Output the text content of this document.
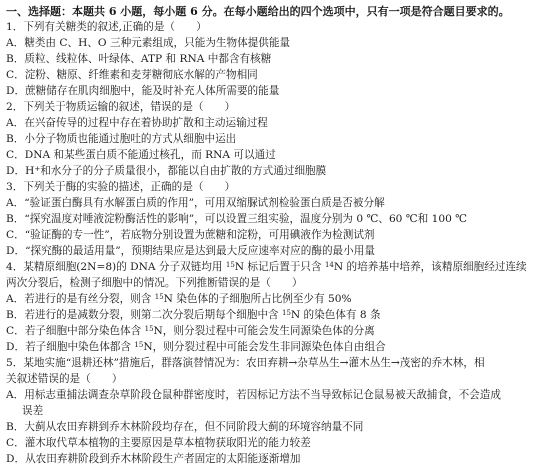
一、选择题：本题共 6 小题，每小题 6 分。在每小题给出的四个选项中，只有一项是符合题目要求的。
1．下列有关糖类的叙述,正确的是（　　）
A．糖类由 C、H、O 三种元素组成，只能为生物体提供能量
B．质粒、线粒体、叶绿体、ATP 和 RNA 中都含有核糖
C．淀粉、糖原、纤维素和麦芽糖彻底水解的产物相同
D．蔗糖储存在肌肉细胞中，能及时补充人体所需要的能量
2．下列关于物质运输的叙述，错误的是（　　）
A．在兴奋传导的过程中存在着协助扩散和主动运输过程
B．小分子物质也能通过胞吐的方式从细胞中运出
C．DNA 和某些蛋白质不能通过核孔，而 RNA 可以通过
D．H+和水分子的分子质量很小，都能以自由扩散的方式通过细胞膜
3．下列关于酶的实验的描述，正确的是（　　）
A．“验证蛋白酶具有水解蛋白质的作用”，可用双缩脲试剂检验蛋白质是否被分解
B．“探究温度对唾液淀粉酶活性的影响”，可以设置三组实验，温度分别为 0 ℃、60 ℃和 100 ℃
C．“验证酶的专一性”，若底物分别设置为蔗糖和淀粉，可用碘液作为检测试剂
D．“探究酶的最适用量”，预期结果应是达到最大反应速率对应的酶的最小用量
4．某精原细胞(2N=8)的 DNA 分子双链均用 $^{15}$N 标记后置于只含 $^{14}$N 的培养基中培养，该精原细胞经过连续
两次分裂后，检测子细胞中的情况。下列推断错误的是（　　）
A．若进行的是有丝分裂，则含 $^{15}$N 染色体的子细胞所占比例至少有 50%
B．若进行的是减数分裂，则第二次分裂后期每个细胞中含 $^{15}$N 的染色体有 8 条
C．若子细胞中部分染色体含 $^{15}$N，则分裂过程中可能会发生同源染色体的分离
D．若子细胞中染色体都含 $^{15}$N，则分裂过程中可能会发生非同源染色体自由组合
5．某地实施“退耕还林”措施后，群落演替情况为：农田弃耕→杂草丛生→灌木丛生→茂密的乔木林，相
关叙述错误的是（　　）
A．用标志重捕法调查杂草阶段仓鼠种群密度时，若因标记方法不当导致标记仓鼠易被天敌捕食，不会造成
误差
B．大蓟从农田弃耕到乔木林阶段均存在，但不同阶段大蓟的环境容纳量不同
C．灌木取代草本植物的主要原因是草本植物获取阳光的能力较差
D．从农田弃耕阶段到乔木林阶段生产者固定的太阳能逐渐增加
